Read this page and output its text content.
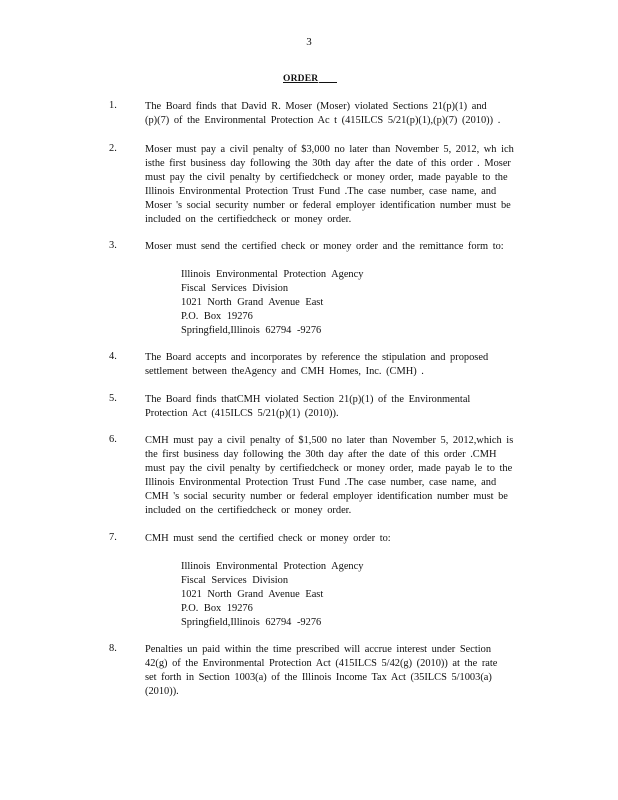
3
ORDER
1.	The Board finds that David R. Moser (Moser) violated Sections 21(p)(1) and
(p)(7) of the Environmental Protection Ac t (415ILCS 5/21(p)(1),(p)(7) (2010)) .
2.	Moser must pay a civil penalty of $3,000 no later than November 5, 2012, wh ich
isthe first business day following the 30th day after the date of this order . Moser
must pay the civil penalty by certifiedcheck or money order, made payable to the
Illinois Environmental Protection Trust Fund .The case number, case name, and
Moser 's social security number or federal employer identification number must be
included on the certifiedcheck or money order.
3.	Moser must send the certified check or money order and the remittance form to:
Illinois Environmental Protection Agency
Fiscal Services Division
1021 North Grand Avenue East
P.O. Box 19276
Springfield,Illinois 62794 -9276
4.	The Board accepts and incorporates by reference the stipulation and proposed
settlement between theAgency and CMH Homes, Inc. (CMH) .
5.	The Board finds thatCMH violated Section 21(p)(1) of the Environmental
Protection Act (415ILCS 5/21(p)(1) (2010)).
6.	CMH must pay a civil penalty of $1,500 no later than November 5, 2012,which is
the first business day following the 30th day after the date of this order .CMH
must pay the civil penalty by certifiedcheck or money order, made payab le to the
Illinois Environmental Protection Trust Fund .The case number, case name, and
CMH 's social security number or federal employer identification number must be
included on the certifiedcheck or money order.
7.	CMH must send the certified check or money order to:
Illinois Environmental Protection Agency
Fiscal Services Division
1021 North Grand Avenue East
P.O. Box 19276
Springfield,Illinois 62794 -9276
8.	Penalties un paid within the time prescribed will accrue interest under Section
42(g) of the Environmental Protection Act (415ILCS 5/42(g) (2010)) at the rate
set forth in Section 1003(a) of the Illinois Income Tax Act (35ILCS 5/1003(a)
(2010)).
